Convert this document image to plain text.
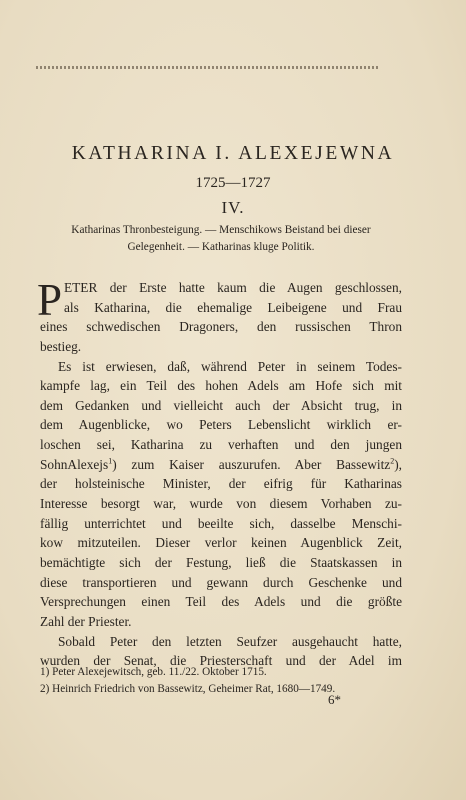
KATHARINA I. ALEXEJEWNA
1725—1727
IV.
Katharinas Thronbesteigung. — Menschikows Beistand bei dieser
Gelegenheit. — Katharinas kluge Politik.
P ETER der Erste hatte kaum die Augen geschlossen,
als Katharina, die ehemalige Leibeigene und Frau
eines schwedischen Dragoners, den russischen Thron
bestieg.
Es ist erwiesen, daß, während Peter in seinem Todes-
kampfe lag, ein Teil des hohen Adels am Hofe sich mit
dem Gedanken und vielleicht auch der Absicht trug, in
dem Augenblicke, wo Peters Lebenslicht wirklich er-
loschen sei, Katharina zu verhaften und den jungen
SohnAlexejs$^1$) zum Kaiser auszurufen. Aber Bassewitz$^2$),
der holsteinische Minister, der eifrig für Katharinas
Interesse besorgt war, wurde von diesem Vorhaben zu-
fällig unterrichtet und beeilte sich, dasselbe Menschi-
kow mitzuteilen. Dieser verlor keinen Augenblick Zeit,
bemächtigte sich der Festung, ließ die Staatskassen in
diese transportieren und gewann durch Geschenke und
Versprechungen einen Teil des Adels und die größte
Zahl der Priester.
Sobald Peter den letzten Seufzer ausgehaucht hatte,
wurden der Senat, die Priesterschaft und der Adel im
1) Peter Alexejewitsch, geb. 11./22. Oktober 1715.
2) Heinrich Friedrich von Bassewitz, Geheimer Rat, 1680—1749.
6*
